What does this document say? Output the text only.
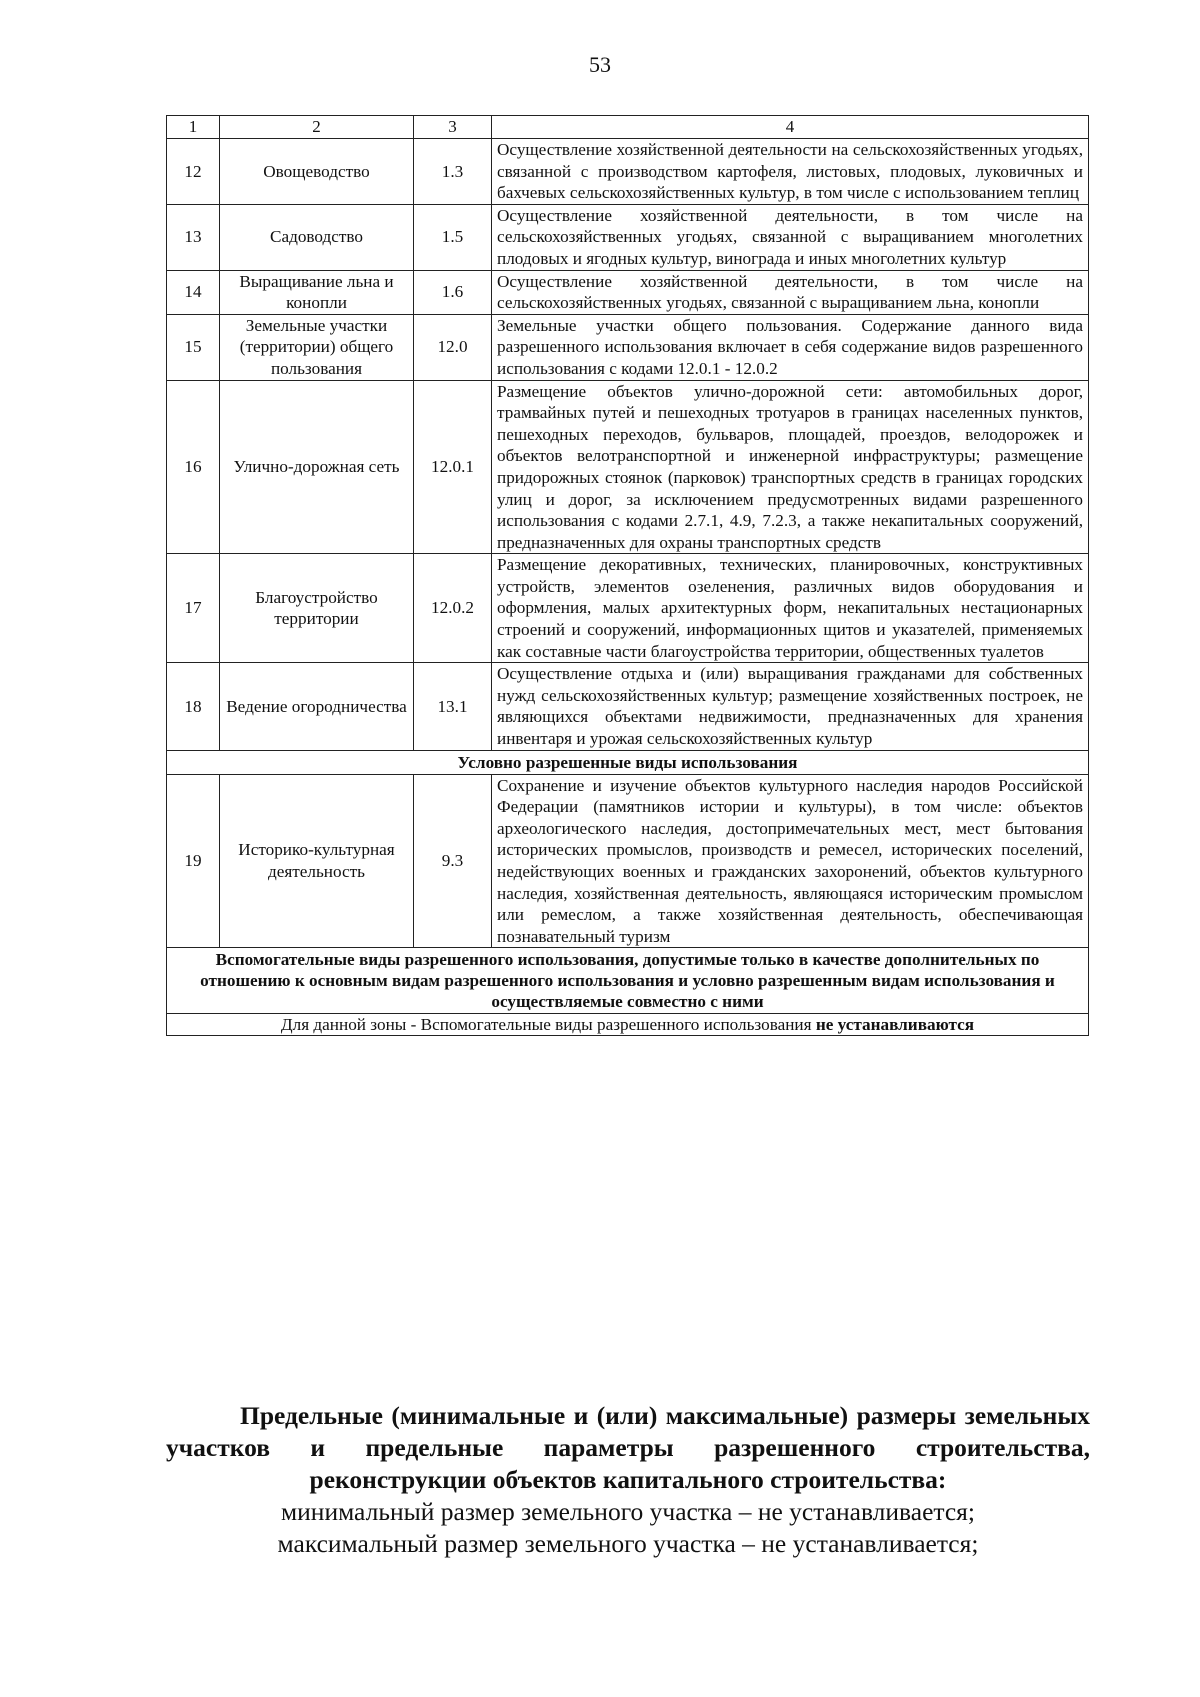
53
1	2	3	4
12	Овощеводство	1.3	Осуществление хозяйственной деятельности на сельскохозяйственных угодьях, связанной с производством картофеля, листовых, плодовых, луковичных и бахчевых сельскохозяйственных культур, в том числе с использованием теплиц
13	Садоводство	1.5	Осуществление хозяйственной деятельности, в том числе на сельскохозяйственных угодьях, связанной с выращиванием многолетних плодовых и ягодных культур, винограда и иных многолетних культур
14	Выращивание льна и конопли	1.6	Осуществление хозяйственной деятельности, в том числе на сельскохозяйственных угодьях, связанной с выращиванием льна, конопли
15	Земельные участки (территории) общего пользования	12.0	Земельные участки общего пользования. Содержание данного вида разрешенного использования включает в себя содержание видов разрешенного использования с кодами 12.0.1 - 12.0.2
16	Улично-дорожная сеть	12.0.1	Размещение объектов улично-дорожной сети: автомобильных дорог, трамвайных путей и пешеходных тротуаров в границах населенных пунктов, пешеходных переходов, бульваров, площадей, проездов, велодорожек и объектов велотранспортной и инженерной инфраструктуры; размещение придорожных стоянок (парковок) транспортных средств в границах городских улиц и дорог, за исключением предусмотренных видами разрешенного использования с кодами 2.7.1, 4.9, 7.2.3, а также некапитальных сооружений, предназначенных для охраны транспортных средств
17	Благоустройство территории	12.0.2	Размещение декоративных, технических, планировочных, конструктивных устройств, элементов озеленения, различных видов оборудования и оформления, малых архитектурных форм, некапитальных нестационарных строений и сооружений, информационных щитов и указателей, применяемых как составные части благоустройства территории, общественных туалетов
18	Ведение огородничества	13.1	Осуществление отдыха и (или) выращивания гражданами для собственных нужд сельскохозяйственных культур; размещение хозяйственных построек, не являющихся объектами недвижимости, предназначенных для хранения инвентаря и урожая сельскохозяйственных культур
Условно разрешенные виды использования			
19	Историко-культурная деятельность	9.3	Сохранение и изучение объектов культурного наследия народов Российской Федерации (памятников истории и культуры), в том числе: объектов археологического наследия, достопримечательных мест, мест бытования исторических промыслов, производств и ремесел, исторических поселений, недействующих военных и гражданских захоронений, объектов культурного наследия, хозяйственная деятельность, являющаяся историческим промыслом или ремеслом, а также хозяйственная деятельность, обеспечивающая познавательный туризм
Вспомогательные виды разрешенного использования, допустимые только в качестве дополнительных по отношению к основным видам разрешенного использования и условно разрешенным видам использования и осуществляемые совместно с ними			
Для данной зоны - Вспомогательные виды разрешенного использования не устанавливаются			
Предельные (минимальные и (или) максимальные) размеры земельных участков и предельные параметры разрешенного строительства, реконструкции объектов капитального строительства:
минимальный размер земельного участка – не устанавливается;
максимальный размер земельного участка – не устанавливается;
